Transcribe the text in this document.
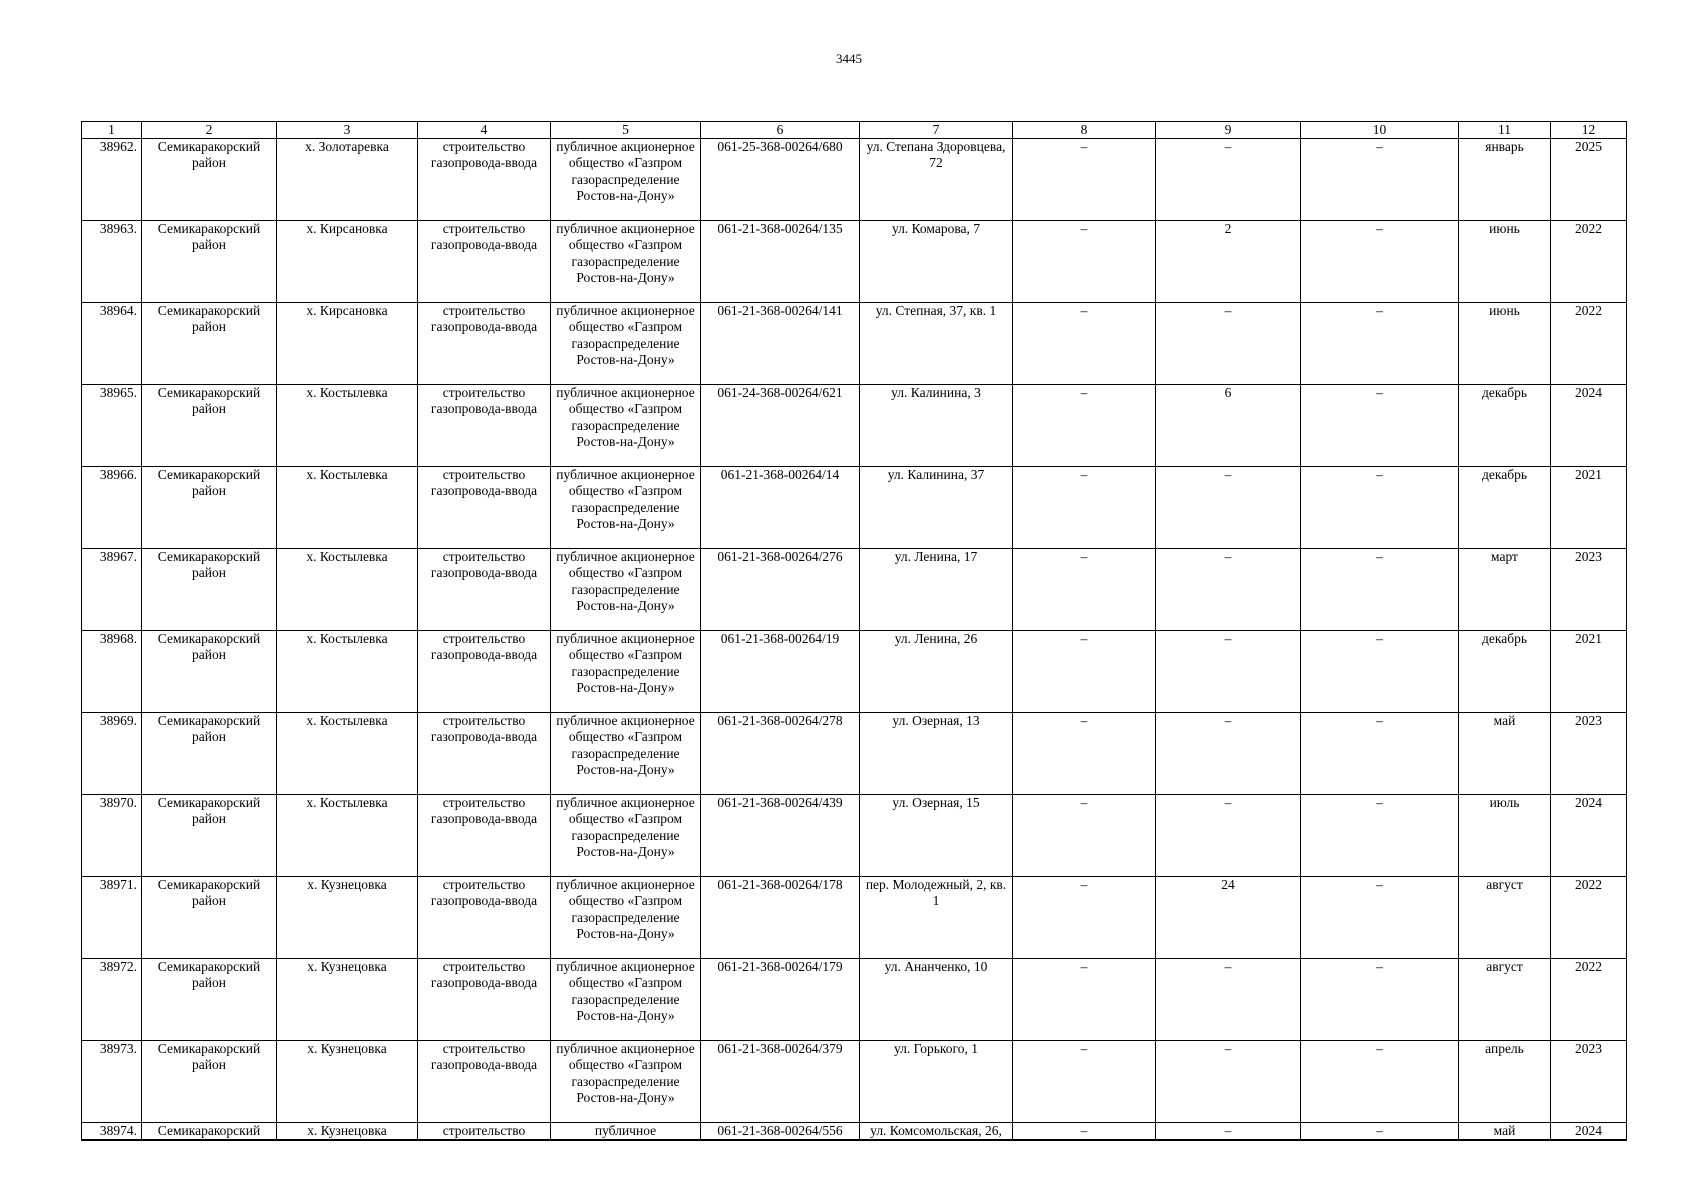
3445
1	2	3	4	5	6	7	8	9	10	11	12
38962.	Семикаракорский район	х. Золотаревка	строительство газопровода-ввода	публичное акционерное общество «Газпром газораспределение Ростов-на-Дону»	061-25-368-00264/680	ул. Степана Здоровцева, 72	–	–	–	январь	2025
38963.	Семикаракорский район	х. Кирсановка	строительство газопровода-ввода	публичное акционерное общество «Газпром газораспределение Ростов-на-Дону»	061-21-368-00264/135	ул. Комарова, 7	–	2	–	июнь	2022
38964.	Семикаракорский район	х. Кирсановка	строительство газопровода-ввода	публичное акционерное общество «Газпром газораспределение Ростов-на-Дону»	061-21-368-00264/141	ул. Степная, 37, кв. 1	–	–	–	июнь	2022
38965.	Семикаракорский район	х. Костылевка	строительство газопровода-ввода	публичное акционерное общество «Газпром газораспределение Ростов-на-Дону»	061-24-368-00264/621	ул. Калинина, 3	–	6	–	декабрь	2024
38966.	Семикаракорский район	х. Костылевка	строительство газопровода-ввода	публичное акционерное общество «Газпром газораспределение Ростов-на-Дону»	061-21-368-00264/14	ул. Калинина, 37	–	–	–	декабрь	2021
38967.	Семикаракорский район	х. Костылевка	строительство газопровода-ввода	публичное акционерное общество «Газпром газораспределение Ростов-на-Дону»	061-21-368-00264/276	ул. Ленина, 17	–	–	–	март	2023
38968.	Семикаракорский район	х. Костылевка	строительство газопровода-ввода	публичное акционерное общество «Газпром газораспределение Ростов-на-Дону»	061-21-368-00264/19	ул. Ленина, 26	–	–	–	декабрь	2021
38969.	Семикаракорский район	х. Костылевка	строительство газопровода-ввода	публичное акционерное общество «Газпром газораспределение Ростов-на-Дону»	061-21-368-00264/278	ул. Озерная, 13	–	–	–	май	2023
38970.	Семикаракорский район	х. Костылевка	строительство газопровода-ввода	публичное акционерное общество «Газпром газораспределение Ростов-на-Дону»	061-21-368-00264/439	ул. Озерная, 15	–	–	–	июль	2024
38971.	Семикаракорский район	х. Кузнецовка	строительство газопровода-ввода	публичное акционерное общество «Газпром газораспределение Ростов-на-Дону»	061-21-368-00264/178	пер. Молодежный, 2, кв. 1	–	24	–	август	2022
38972.	Семикаракорский район	х. Кузнецовка	строительство газопровода-ввода	публичное акционерное общество «Газпром газораспределение Ростов-на-Дону»	061-21-368-00264/179	ул. Ананченко, 10	–	–	–	август	2022
38973.	Семикаракорский район	х. Кузнецовка	строительство газопровода-ввода	публичное акционерное общество «Газпром газораспределение Ростов-на-Дону»	061-21-368-00264/379	ул. Горького, 1	–	–	–	апрель	2023
38974.	Семикаракорский	х. Кузнецовка	строительство	публичное	061-21-368-00264/556	ул. Комсомольская, 26,	–	–	–	май	2024
